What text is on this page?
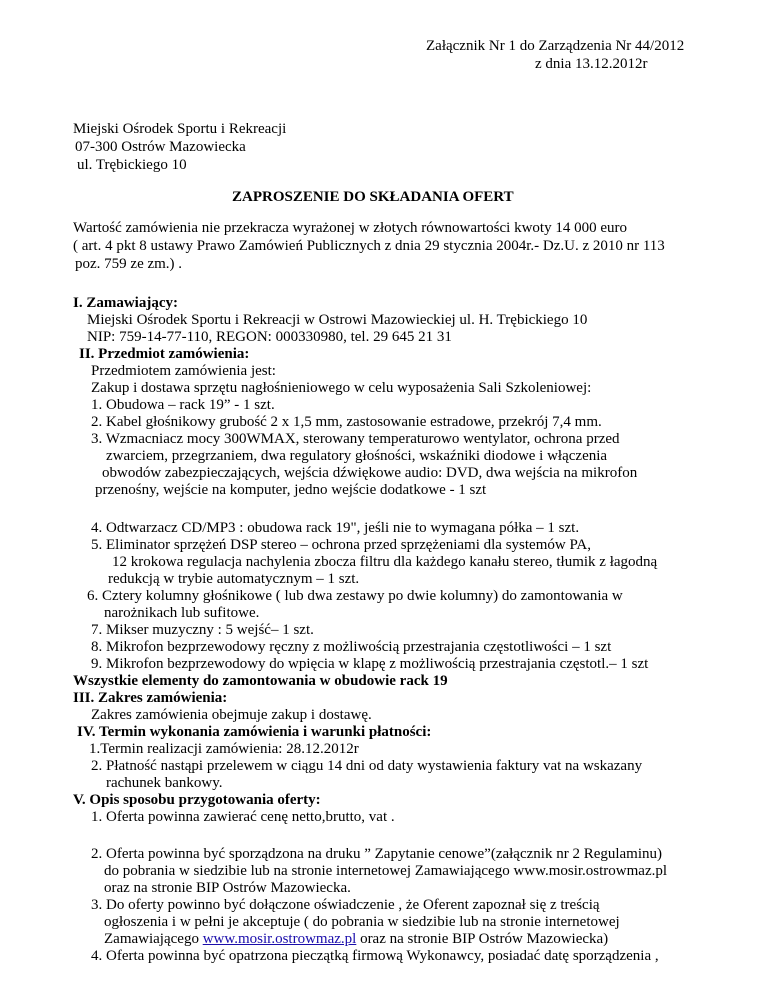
Załącznik Nr 1 do Zarządzenia Nr 44/2012
z dnia 13.12.2012r
Miejski Ośrodek Sportu i Rekreacji
07-300 Ostrów Mazowiecka
ul. Trębickiego 10
ZAPROSZENIE DO SKŁADANIA OFERT
Wartość zamówienia nie przekracza wyrażonej w złotych równowartości kwoty 14 000 euro
( art. 4 pkt 8 ustawy Prawo Zamówień Publicznych z dnia 29 stycznia 2004r.- Dz.U. z 2010 nr 113
poz. 759 ze zm.) .
I. Zamawiający:
Miejski Ośrodek Sportu i Rekreacji w Ostrowi Mazowieckiej ul. H. Trębickiego 10
NIP: 759-14-77-110, REGON: 000330980, tel. 29 645 21 31
II. Przedmiot zamówienia:
Przedmiotem zamówienia jest:
Zakup i dostawa sprzętu nagłośnieniowego w celu wyposażenia Sali Szkoleniowej:
1. Obudowa – rack 19” - 1 szt.
2. Kabel głośnikowy grubość 2 x 1,5 mm, zastosowanie estradowe, przekrój 7,4 mm.
3. Wzmacniacz mocy 300WMAX, sterowany temperaturowo wentylator, ochrona przed
zwarciem, przegrzaniem, dwa regulatory głośności, wskaźniki diodowe i włączenia
obwodów zabezpieczających, wejścia dźwiękowe audio: DVD, dwa wejścia na mikrofon
przenośny, wejście na komputer, jedno wejście dodatkowe - 1 szt
4. Odtwarzacz CD/MP3 : obudowa rack 19", jeśli nie to wymagana półka – 1 szt.
5. Eliminator sprzężeń DSP stereo – ochrona przed sprzężeniami dla systemów PA,
12 krokowa regulacja nachylenia zbocza filtru dla każdego kanału stereo, tłumik z łagodną
redukcją w trybie automatycznym – 1 szt.
6. Cztery kolumny głośnikowe ( lub dwa zestawy po dwie kolumny) do zamontowania w
narożnikach lub sufitowe.
7. Mikser muzyczny : 5 wejść– 1 szt.
8. Mikrofon bezprzewodowy ręczny z możliwością przestrajania częstotliwości – 1 szt
9. Mikrofon bezprzewodowy do wpięcia w klapę z możliwością przestrajania częstotl.– 1 szt
Wszystkie elementy do zamontowania w obudowie rack 19
III. Zakres zamówienia:
Zakres zamówienia obejmuje zakup i dostawę.
IV. Termin wykonania zamówienia i warunki płatności:
1.Termin realizacji zamówienia: 28.12.2012r
2. Płatność nastąpi przelewem w ciągu 14 dni od daty wystawienia faktury vat na wskazany
rachunek bankowy.
V. Opis sposobu przygotowania oferty:
1. Oferta powinna zawierać cenę netto,brutto, vat .
2. Oferta powinna być sporządzona na druku ” Zapytanie cenowe”(załącznik nr 2 Regulaminu)
do pobrania w siedzibie lub na stronie internetowej Zamawiającego www.mosir.ostrowmaz.pl
oraz na stronie BIP Ostrów Mazowiecka.
3. Do oferty powinno być dołączone oświadczenie , że Oferent zapoznał się z treścią
ogłoszenia i w pełni je akceptuje ( do pobrania w siedzibie lub na stronie internetowej
Zamawiającego www.mosir.ostrowmaz.pl oraz na stronie BIP Ostrów Mazowiecka)
4. Oferta powinna być opatrzona pieczątką firmową Wykonawcy, posiadać datę sporządzenia ,
